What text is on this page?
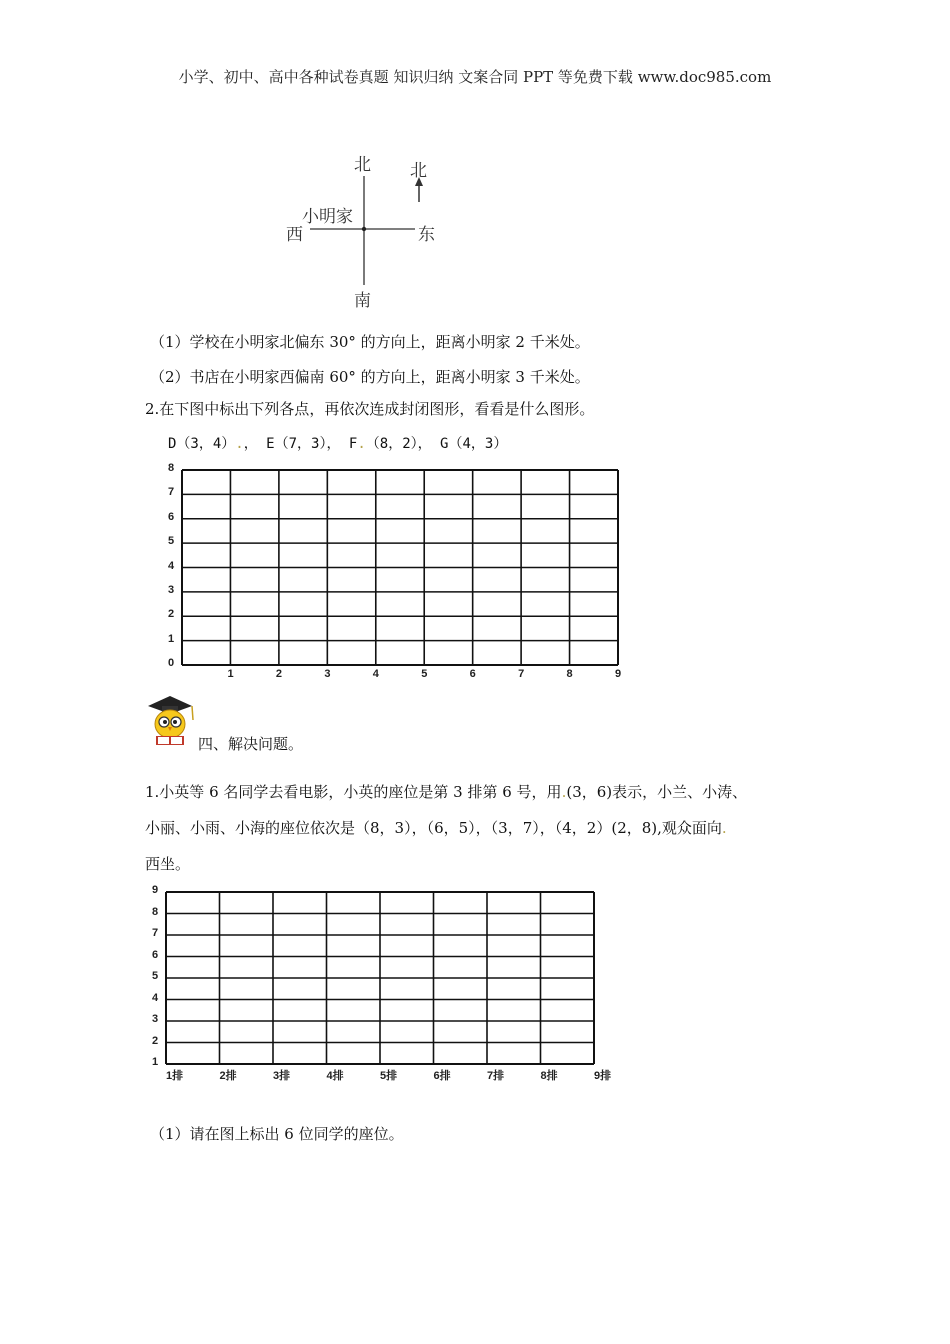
小学、初中、高中各种试卷真题 知识归纳 文案合同 PPT 等免费下载 www.doc985.com
北
南
西	东
小明家
北
（1）学校在小明家北偏东 30° 的方向上，距离小明家 2 千米处。
（2）书店在小明家西偏南 60° 的方向上，距离小明家 3 千米处。
2.在下图中标出下列各点，再依次连成封闭图形，看看是什么图形。
D（3，4）.， E（7，3）， F.（8，2）， G（4，3）
0
1
2
3
4
5
6
7
8
1	2	3	4	5	6	7	8	9
四、解决问题。
1.小英等 6 名同学去看电影，小英的座位是第 3 排第 6 号，用.(3，6)表示，小兰、小涛、
小丽、小雨、小海的座位依次是（8，3），（6，5），（3，7），（4，2）(2，8),观众面向.
西坐。
1
2
3
4
5
6
7
8
9
1排	2排	3排	4排	5排	6排	7排	8排	9排
（1）请在图上标出 6 位同学的座位。
